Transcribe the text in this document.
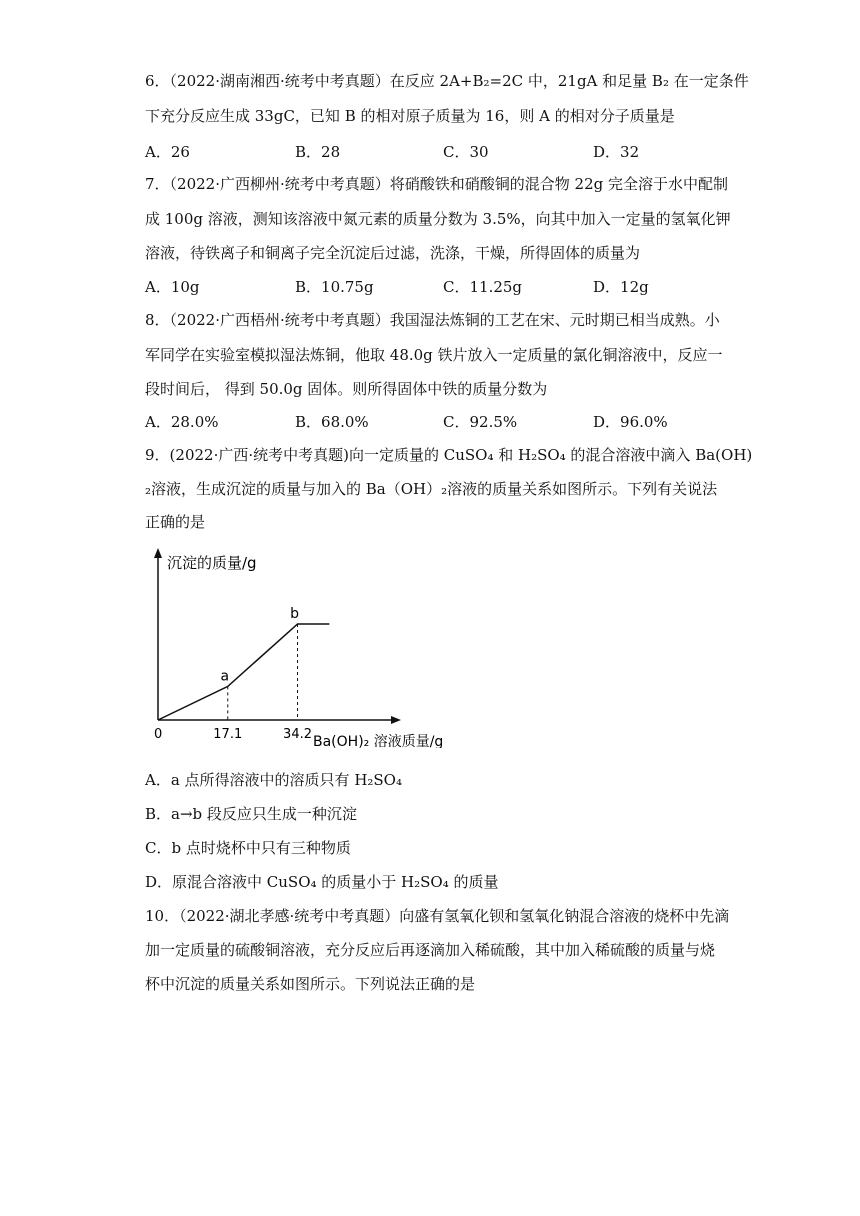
6．（2022·湖南湘西·统考中考真题）在反应 2A+B₂=2C 中，21gA 和足量 B₂ 在一定条件
下充分反应生成 33gC，已知 B 的相对原子质量为 16，则 A 的相对分子质量是
A．26	B．28	C．30	D．32
7．（2022·广西柳州·统考中考真题）将硝酸铁和硝酸铜的混合物 22g 完全溶于水中配制
成 100g 溶液，测知该溶液中氮元素的质量分数为 3.5%，向其中加入一定量的氢氧化钾
溶液，待铁离子和铜离子完全沉淀后过滤，洗涤，干燥，所得固体的质量为
A．10g	B．10.75g	C．11.25g	D．12g
8．（2022·广西梧州·统考中考真题）我国湿法炼铜的工艺在宋、元时期已相当成熟。小
军同学在实验室模拟湿法炼铜，他取 48.0g 铁片放入一定质量的氯化铜溶液中，反应一
段时间后， 得到 50.0g 固体。则所得固体中铁的质量分数为
A．28.0%	B．68.0%	C．92.5%	D．96.0%
9．(2022·广西·统考中考真题)向一定质量的 CuSO₄ 和 H₂SO₄ 的混合溶液中滴入 Ba(OH)
₂溶液，生成沉淀的质量与加入的 Ba（OH）₂溶液的质量关系如图所示。下列有关说法
正确的是
沉淀的质量/g
Ba(OH)₂ 溶液质量/g
0	17.1
a
34.2
b
A．a 点所得溶液中的溶质只有 H₂SO₄
B．a→b 段反应只生成一种沉淀
C．b 点时烧杯中只有三种物质
D．原混合溶液中 CuSO₄ 的质量小于 H₂SO₄ 的质量
10．（2022·湖北孝感·统考中考真题）向盛有氢氧化钡和氢氧化钠混合溶液的烧杯中先滴
加一定质量的硫酸铜溶液，充分反应后再逐滴加入稀硫酸，其中加入稀硫酸的质量与烧
杯中沉淀的质量关系如图所示。下列说法正确的是
